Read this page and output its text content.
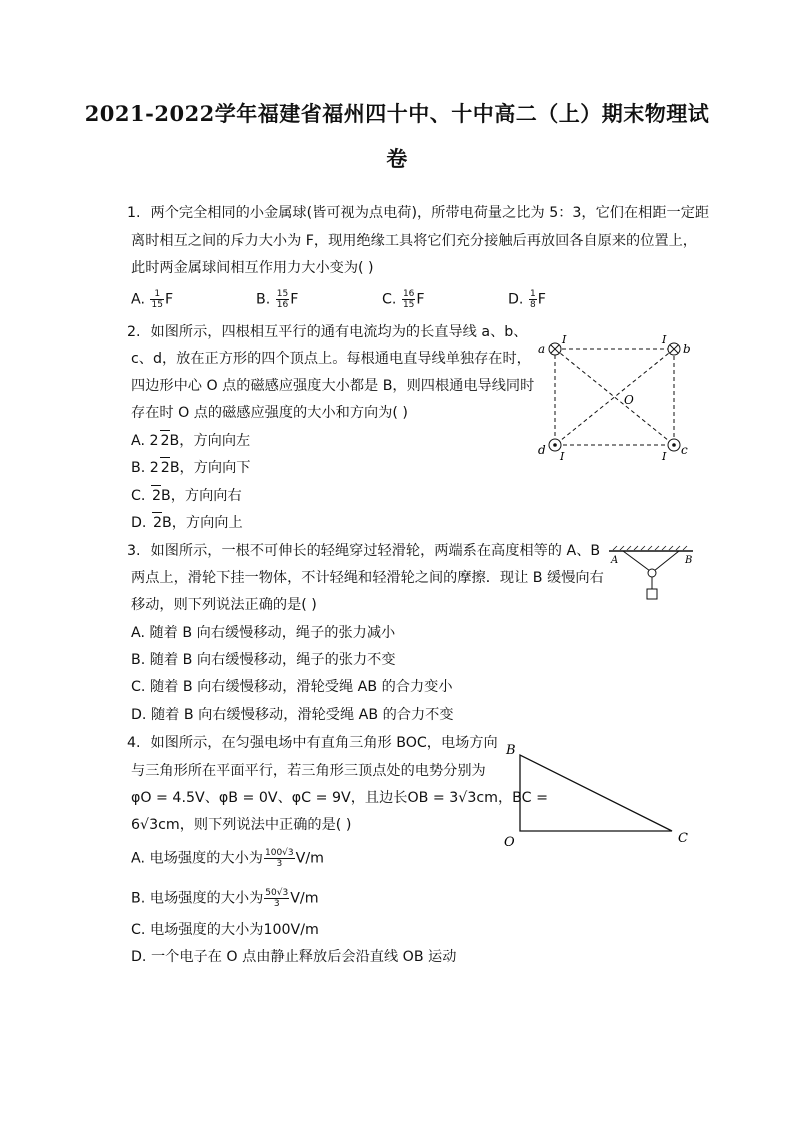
2021-2022学年福建省福州四十中、十中高二（上）期末物理试
卷
1. 两个完全相同的小金属球(皆可视为点电荷)，所带电荷量之比为 5：3，它们在相距一定距
离时相互之间的斥力大小为 F，现用绝缘工具将它们充分接触后再放回各自原来的位置上，
此时两金属球间相互作用力大小变为( )
A. $\frac{1}{15}$ F	B. $\frac{15}{16}$ F	C. $\frac{16}{15}$ F	D. $\frac{1}{8}$ F
2. 如图所示，四根相互平行的通有电流均为的长直导线 a、b、
c、d，放在正方形的四个顶点上。每根通电直导线单独存在时，
四边形中心 O 点的磁感应强度大小都是 B，则四根通电导线同时
存在时 O 点的磁感应强度的大小和方向为( )
A. 2 2B，方向向左
B. 2 2B，方向向下
C. 2B，方向向右
D. 2B，方向向上
a	b
c
d
O
I	I
I	I
3. 如图所示，一根不可伸长的轻绳穿过轻滑轮，两端系在高度相等的 A、B
两点上，滑轮下挂一物体，不计轻绳和轻滑轮之间的摩擦．现让 B 缓慢向右
移动，则下列说法正确的是( )
A. 随着 B 向右缓慢移动，绳子的张力减小
B. 随着 B 向右缓慢移动，绳子的张力不变
C. 随着 B 向右缓慢移动，滑轮受绳 AB 的合力变小
D. 随着 B 向右缓慢移动，滑轮受绳 AB 的合力不变
A	B
4. 如图所示，在匀强电场中有直角三角形 BOC，电场方向
与三角形所在平面平行，若三角形三顶点处的电势分别为
φO = 4.5V、φB = 0V、φC = 9V，且边长OB = 3√3cm，BC =
6√3cm，则下列说法中正确的是( )
A. 电场强度的大小为 $\frac{100√3}{3} V/m$
B. 电场强度的大小为 $\frac{50√3}{3} V/m$
C. 电场强度的大小为100V/m
D. 一个电子在 O 点由静止释放后会沿直线 OB 运动
B
O	C
